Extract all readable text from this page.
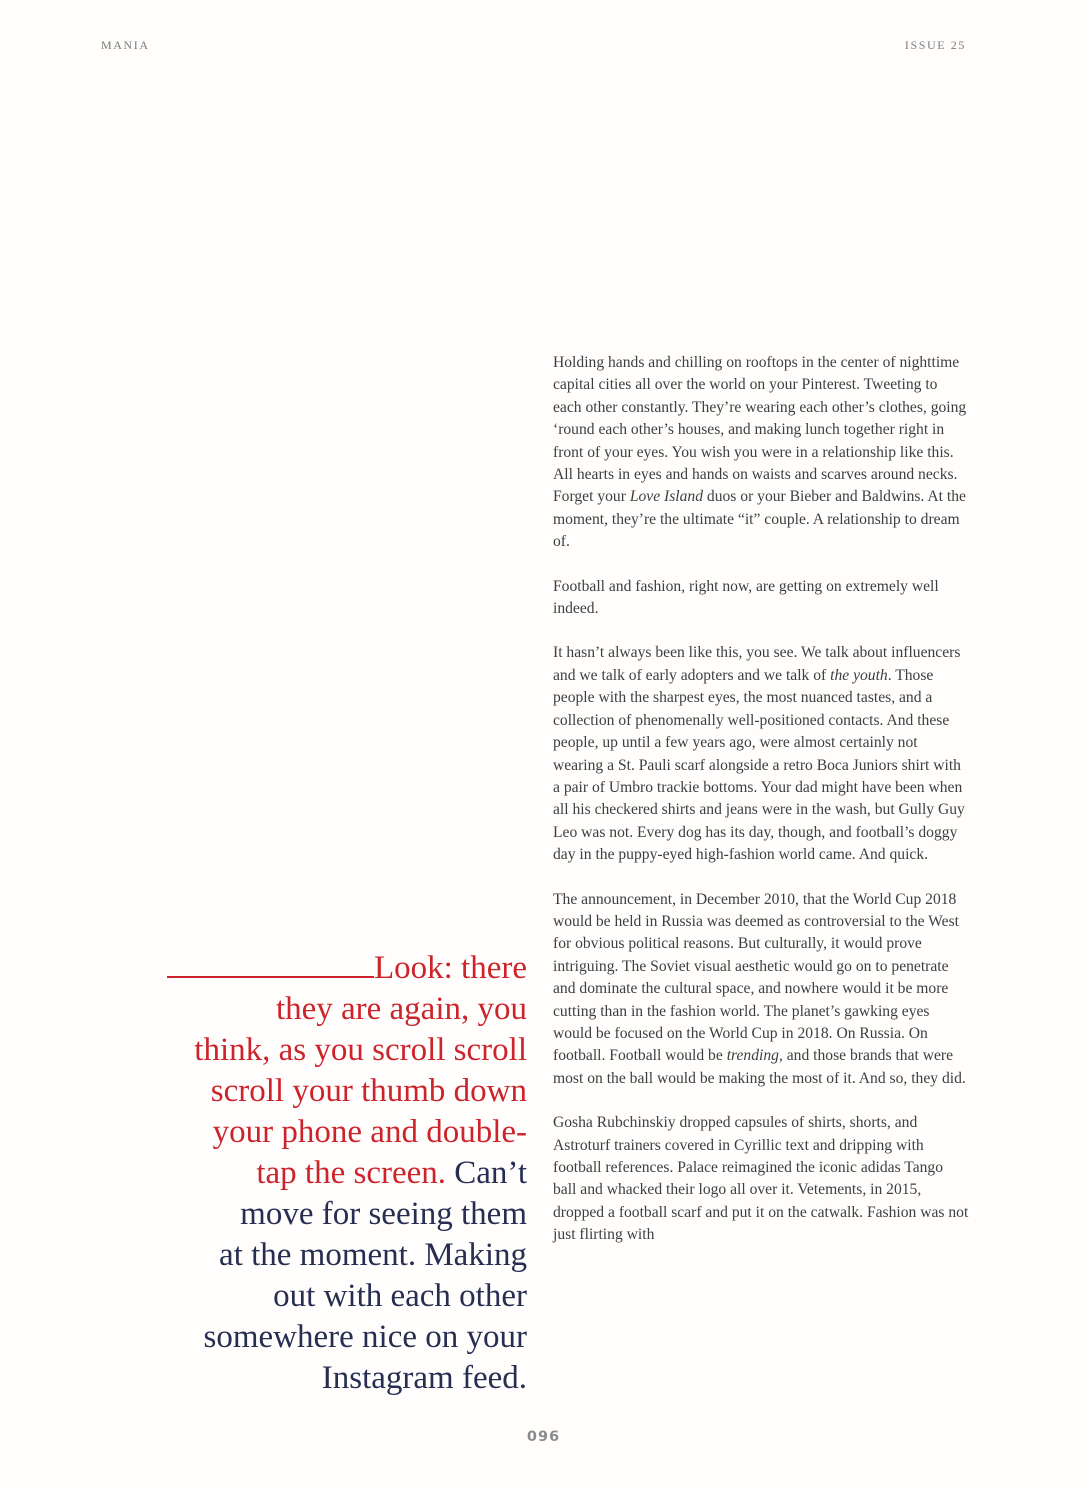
MANIA	ISSUE 25
Look: there
they are again, you
think, as you scroll scroll
scroll your thumb down
your phone and double-
tap the screen. Can’t
move for seeing them
at the moment. Making
out with each other
somewhere nice on your
Instagram feed.

Holding hands and chilling on rooftops in the center of nighttime capital cities all over the world on your Pinterest. Tweeting to each other constantly. They’re wearing each other’s clothes, going ‘round each other’s houses, and making lunch together right in front of your eyes. You wish you were in a relationship like this. All hearts in eyes and hands on waists and scarves around necks. Forget your Love Island duos or your Bieber and Baldwins. At the moment, they’re the ultimate “it” couple. A relationship to dream of.

Football and fashion, right now, are getting on extremely well indeed.

It hasn’t always been like this, you see. We talk about influencers and we talk of early adopters and we talk of the youth. Those people with the sharpest eyes, the most nuanced tastes, and a collection of phenomenally well-positioned contacts. And these people, up until a few years ago, were almost certainly not wearing a St. Pauli scarf alongside a retro Boca Juniors shirt with a pair of Umbro trackie bottoms. Your dad might have been when all his checkered shirts and jeans were in the wash, but Gully Guy Leo was not. Every dog has its day, though, and football’s doggy day in the puppy-eyed high-fashion world came. And quick.

The announcement, in December 2010, that the World Cup 2018 would be held in Russia was deemed as controversial to the West for obvious political reasons. But culturally, it would prove intriguing. The Soviet visual aesthetic would go on to penetrate and dominate the cultural space, and nowhere would it be more cutting than in the fashion world. The planet’s gawking eyes would be focused on the World Cup in 2018. On Russia. On football. Football would be trending, and those brands that were most on the ball would be making the most of it. And so, they did.

Gosha Rubchinskiy dropped capsules of shirts, shorts, and Astroturf trainers covered in Cyrillic text and dripping with football references. Palace reimagined the iconic adidas Tango ball and whacked their logo all over it. Vetements, in 2015, dropped a football scarf and put it on the catwalk. Fashion was not just flirting with

096
